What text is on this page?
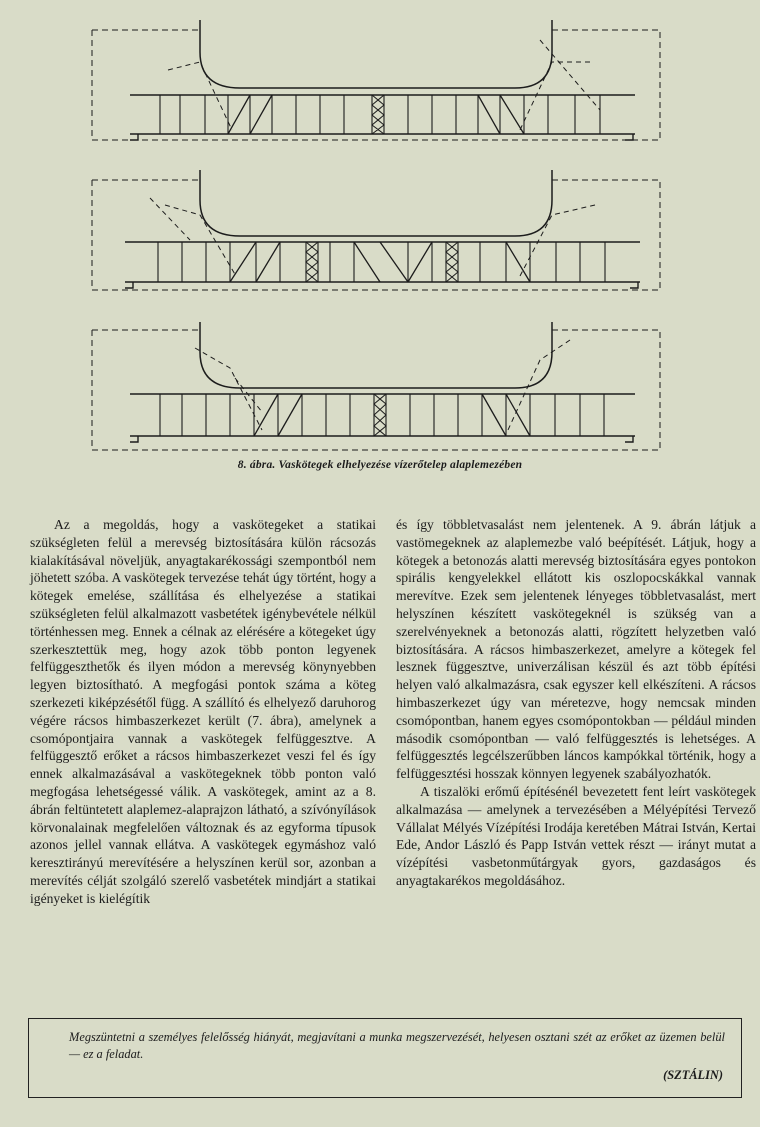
8. ábra. Vaskötegek elhelyezése vízerőtelep alaplemezében

Az a megoldás, hogy a vaskötegeket a statikai szükségleten felül a merevség biztosítására külön rácsozás kialakításával növeljük, anyagtakarékossági szempontból nem jöhetett szóba. A vaskötegek tervezése tehát úgy történt, hogy a kötegek emelése, szállítása és elhelyezése a statikai szükségleten felül alkalmazott vasbetétek igénybevétele nélkül történhessen meg. Ennek a célnak az elérésére a kötegeket úgy szerkesztettük meg, hogy azok több ponton legyenek felfüggeszthetők és ilyen módon a merevség könynyebben legyen biztosítható. A megfogási pontok száma a köteg szerkezeti kiképzésétől függ. A szállító és elhelyező daruhorog végére rácsos himbaszerkezet került (7. ábra), amelynek a csomópontjaira vannak a vaskötegek felfüggesztve. A felfüggesztő erőket a rácsos himbaszerkezet veszi fel és így ennek alkalmazásával a vaskötegeknek több ponton való megfogása lehetségessé válik. A vaskötegek, amint az a 8. ábrán feltüntetett alaplemez-alaprajzon látható, a szívónyílások körvonalainak megfelelően változnak és az egyforma típusok azonos jellel vannak ellátva. A vaskötegek egymáshoz való keresztirányú merevítésére a helyszínen kerül sor, azonban a merevítés célját szolgáló szerelő vasbetétek mindjárt a statikai igényeket is kielégítik

és így többletvasalást nem jelentenek. A 9. ábrán látjuk a vastömegeknek az alaplemezbe való beépítését. Látjuk, hogy a kötegek a betonozás alatti merevség biztosítására egyes pontokon spirális kengyelekkel ellátott kis oszlopocskákkal vannak merevítve. Ezek sem jelentenek lényeges többletvasalást, mert helyszínen készített vaskötegeknél is szükség van a szerelvényeknek a betonozás alatti, rögzített helyzetben való biztosítására. A rácsos himbaszerkezet, amelyre a kötegek fel lesznek függesztve, univerzálisan készül és azt több építési helyen való alkalmazásra, csak egyszer kell elkészíteni. A rácsos himbaszerkezet úgy van méretezve, hogy nemcsak minden csomópontban, hanem egyes csomópontokban — például minden második csomópontban — való felfüggesztés is lehetséges. A felfüggesztés legcélszerűbben láncos kampókkal történik, hogy a felfüggesztési hosszak könnyen legyenek szabályozhatók.

A tiszalöki erőmű építésénél bevezetett fent leírt vaskötegek alkalmazása — amelynek a tervezésében a Mélyépítési Tervező Vállalat Mélyés Vízépítési Irodája keretében Mátrai István, Kertai Ede, Andor László és Papp István vettek részt — irányt mutat a vízépítési vasbetonműtárgyak gyors, gazdaságos és anyagtakarékos megoldásához.

Megszüntetni a személyes felelősség hiányát, megjavítani a munka megszervezését, helyesen osztani szét az erőket az üzemen belül — ez a feladat.
(SZTÁLIN)
